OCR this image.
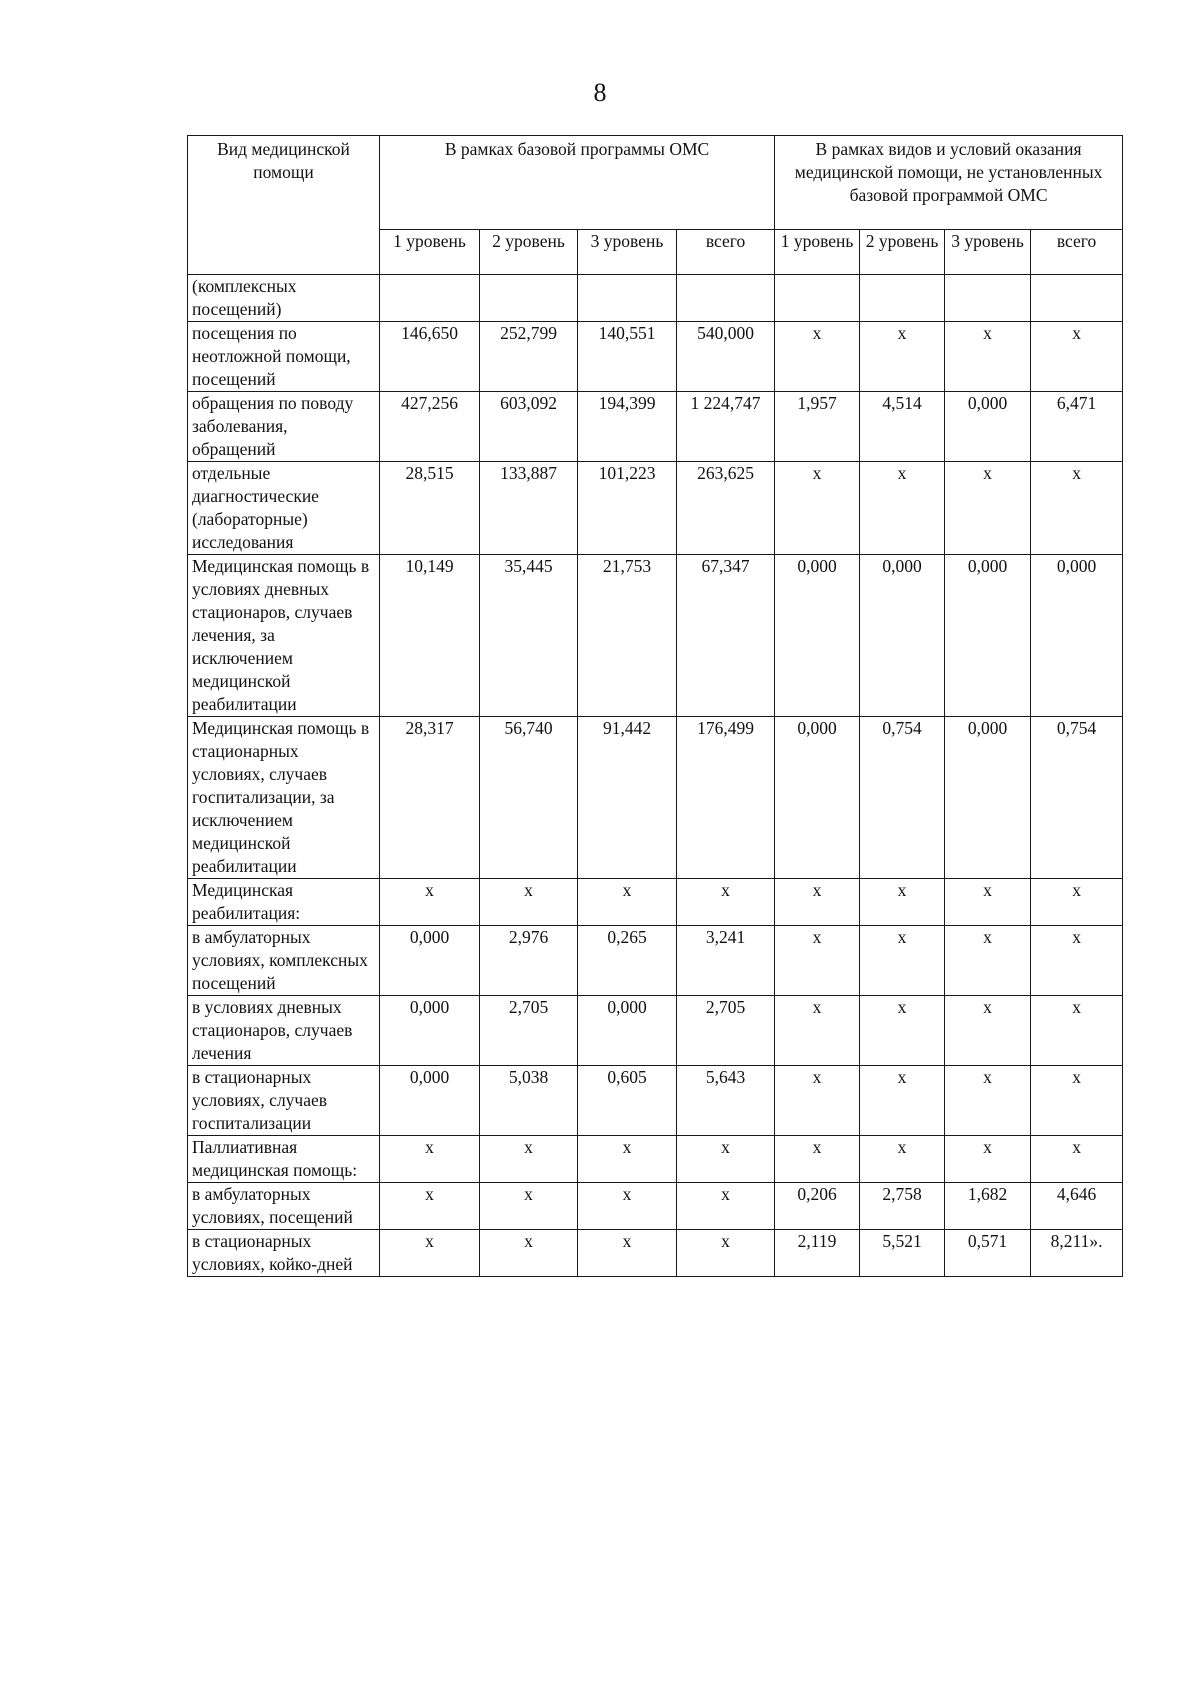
8
Вид медицинской помощи	В рамках базовой программы ОМС				В рамках видов и условий оказания медицинской помощи, не установленных базовой программой ОМС			
	1 уровень	2 уровень	3 уровень	всего	1 уровень	2 уровень	3 уровень	всего
(комплексных посещений)								
посещения по неотложной помощи, посещений	146,650	252,799	140,551	540,000	х	х	х	х
обращения по поводу заболевания, обращений	427,256	603,092	194,399	1 224,747	1,957	4,514	0,000	6,471
отдельные диагностические (лабораторные) исследования	28,515	133,887	101,223	263,625	х	х	х	х
Медицинская помощь в условиях дневных стационаров, случаев лечения, за исключением медицинской реабилитации	10,149	35,445	21,753	67,347	0,000	0,000	0,000	0,000
Медицинская помощь в стационарных условиях, случаев госпитализации, за исключением медицинской реабилитации	28,317	56,740	91,442	176,499	0,000	0,754	0,000	0,754
Медицинская реабилитация:	х	х	х	х	х	х	х	х
в амбулаторных условиях, комплексных посещений	0,000	2,976	0,265	3,241	х	х	х	х
в условиях дневных стационаров, случаев лечения	0,000	2,705	0,000	2,705	х	х	х	х
в стационарных условиях, случаев госпитализации	0,000	5,038	0,605	5,643	х	х	х	х
Паллиативная медицинская помощь:	х	х	х	х	х	х	х	х
в амбулаторных условиях, посещений	х	х	х	х	0,206	2,758	1,682	4,646
в стационарных условиях, койко-дней	х	х	х	х	2,119	5,521	0,571	8,211».
